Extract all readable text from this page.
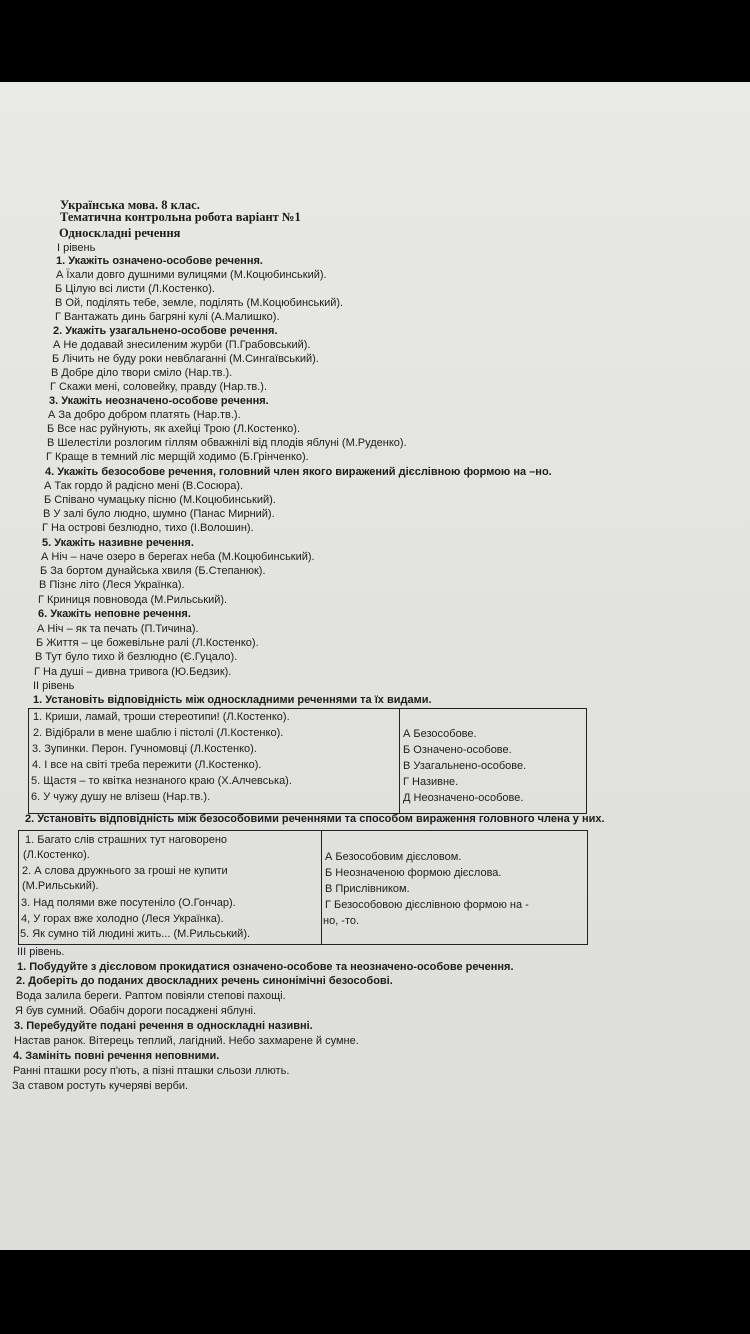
Українська мова. 8 клас.
Тематична контрольна робота варіант №1
Односкладні речення
І рівень
1. Укажіть означено-особове речення.
А Їхали довго душними вулицями (М.Коцюбинський).
Б Цілую всі листи (Л.Костенко).
В Ой, поділять тебе, земле, поділять (М.Коцюбинський).
Г Вантажать динь багряні кулі (А.Малишко).
2. Укажіть узагальнено-особове речення.
А Не додавай знесиленим журби (П.Грабовський).
Б Лічить не буду роки невблаганні (М.Сингаївський).
В Добре діло твори сміло (Нар.тв.).
Г Скажи мені, соловейку, правду (Нар.тв.).
3. Укажіть неозначено-особове речення.
А За добро добром платять (Нар.тв.).
Б Все нас руйнують, як ахейці Трою (Л.Костенко).
В Шелестіли розлогим гіллям обважнілі від плодів яблуні (М.Руденко).
Г Краще в темний ліс мерщій ходимо (Б.Грінченко).
4. Укажіть безособове речення, головний член якого виражений дієслівною формою на –но.
А Так гордо й радісно мені (В.Сосюра).
Б Співано чумацьку пісню (М.Коцюбинський).
В У залі було людно, шумно (Панас Мирний).
Г На острові безлюдно, тихо (І.Волошин).
5. Укажіть називне речення.
А Ніч – наче озеро в берегах неба (М.Коцюбинський).
Б За бортом дунайська хвиля (Б.Степанюк).
В Пізнє літо (Леся Українка).
Г Криниця повновода (М.Рильський).
6. Укажіть неповне речення.
А Ніч – як та печать (П.Тичина).
Б Життя – це божевільне ралі (Л.Костенко).
В Тут було тихо й безлюдно (Є.Гуцало).
Г На душі – дивна тривога (Ю.Бедзик).
ІІ рівень
1. Установіть відповідність між односкладними реченнями та їх видами.
1. Криши, ламай, троши стереотипи! (Л.Костенко).
2. Відібрали в мене шаблю і пістолі (Л.Костенко).
3. Зупинки. Перон. Гучномовці (Л.Костенко).
4. І все на світі треба пережити (Л.Костенко).
5. Щастя – то квітка незнаного краю (Х.Алчевська).
6. У чужу душу не влізеш (Нар.тв.).
А Безособове.
Б Означено-особове.
В Узагальнено-особове.
Г Називне.
Д Неозначено-особове.
2. Установіть відповідність між безособовими реченнями та способом вираження головного члена у них.
1. Багато слів страшних тут наговорено
(Л.Костенко).
2. А слова дружнього за гроші не купити
(М.Рильський).
3. Над полями вже посутеніло (О.Гончар).
4, У горах вже холодно (Леся Українка).
5. Як сумно тій людині жить... (М.Рильський).
А Безособовим дієсловом.
Б Неозначеною формою дієслова.
В Прислівником.
Г Безособовою дієслівною формою на -
но, -то.
ІІІ рівень.
1. Побудуйте з дієсловом прокидатися означено-особове та неозначено-особове речення.
2. Доберіть до поданих двоскладних речень синонімічні безособові.
Вода залила береги. Раптом повіяли степові пахощі.
Я був сумний. Обабіч дороги посаджені яблуні.
3. Перебудуйте подані речення в односкладні називні.
Настав ранок. Вітерець теплий, лагідний. Небо захмарене й сумне.
4. Замініть повні речення неповними.
Ранні пташки росу п'ють, а пізні пташки сльози ллють.
За ставом ростуть кучеряві верби.
